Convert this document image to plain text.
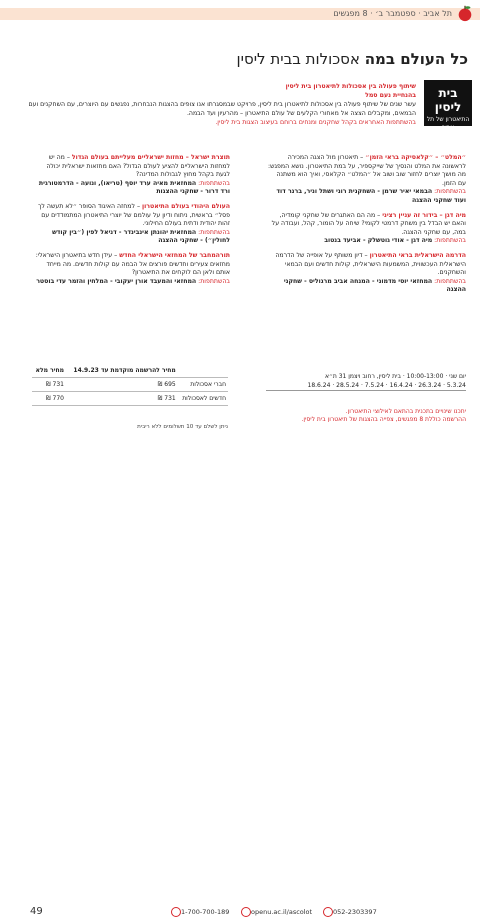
תל אביב · ספטמבר ב׳ · 8 מפגשים
כל העולם במה אסכולות בבית ליסין
בית
ליסין
התיאטרון של תל אביב
שיתוף פעולה בין אסכולות לתיאטרון בית ליסין
בהנחיית נעם סמל
עשר שנים של שיתוף פעולה בין אסכולות לתיאטרון בית ליסין, פרויקט שבמסגרתו אנו צופים בהצגות הנבחרות, נפגשים עם היוצרים, עם השחקנים ועם הבמאים, ומקבלים הצצה אל מאחורי הקלעים של עולם התיאטרון – מהרעיון ועד הבמה.
בהשתתפות האחראים בקהל שחקנים ומנחים ברוחם בעיצוב הצגות בית ליסין.
״המלט״ – ״קלאסיקה בראי הזמן״ – תיאטרון מול הצגה המכירה לראשונה את המלט והנסיך של שייקספיר, על במת התיאטרון. נושא המפגש: מה מושך יוצרים לחזור שוב ושוב אל ״המלט״ הקלאסי, ואיך הוא משתנה עם הזמן.
בהשתתפות: הבמאי יאיר שרמן - השחקנית רוני ושתל וניר, ברנר דוד ועוד שחקני ההצגה
מיה דגן – בידור זה עניין רציני – מה הם האתגרים של שחקני קומדיה, והאם יש הבדל בין משחק דרמטי לקומי? שיחה על הומור, קהל, ועבודה על במה, עם שחקני ההצגה.
בהשתתפות: מיה דגן - אודי גוטשלק - אביעד בנטוב
הדרמה הישראלית בראי התיאטרון – דיון משותף על אופייה של הדרמה הישראלית העכשווית, המשמעות הישראלית, קולות חדשים ועם הבמאי והשחקנים.
בהשתתפות: המחזאי יוסי מדמוני - המנחה אביב מרגוליס - שחקני ההצגה
תוצרת ישראל – מחזות ישראליים מעלייתם בעולם הגדול – מה יש למחזות הישראליים להציע לעולם הגדול? האם מחזאות ישראלית יכולה לגעת בקהל מחוץ לגבולות המדינה?
בהשתתפות: המחזאית מאיה ערד יוסף (טריאו), ונועה - הדרמטורגית ורד דרור - שחקני ההצגות
העולם היהודי בעולם התיאטרון – למחזה האיגוד הסופר ״לא תעשה לך פסל״ בראשית, ניתוח ודיון על עולמם של יוצרי התיאטרון המתמודדים עם זהות יהודית ודתית בעולם החילוני.
בהשתתפות: המחזאית יהונתן אינבינדר - דניאל לפין (״בין קודש לחולין״) - שחקני ההצגה
תורהמחבר של המחזאי הישראלי החדש – עידן חדש בתיאטרון הישראלי: מחזאים צעירים וחדשים פורצים אל הבמה עם קולות חדשים. מה מייחד אותם ולאן הם לוקחים את התיאטרון?
בהשתתפות: המחזאי והמעבד אורן יעקובי - המלחין והזמר עדי בוסטר
יום שני · 10:00-13:00 · בית ליסין, רחוב ויצמן 31 ת״א
5.3.24 · 26.3.24 · 16.4.24 · 7.5.24 · 28.5.24 · 18.6.24
יתכנו שינויים בתכנית בהתאם לאילוצי התיאטרון.
ההרשמה כוללת 8 מפגשים, צפייה בהצגות של תיאטרון בית ליסין.
	מחיר להרשמה מוקדמת עד 14.9.23	מחיר מלא
חברי אסכולות	695 ₪	731 ₪
חדשים לאסכולות	731 ₪	770 ₪
ניתן לשלם עד 10 תשלומים ללא ריבית
49	1-700-700-189	openu.ac.il/ascolot	052-2303397
